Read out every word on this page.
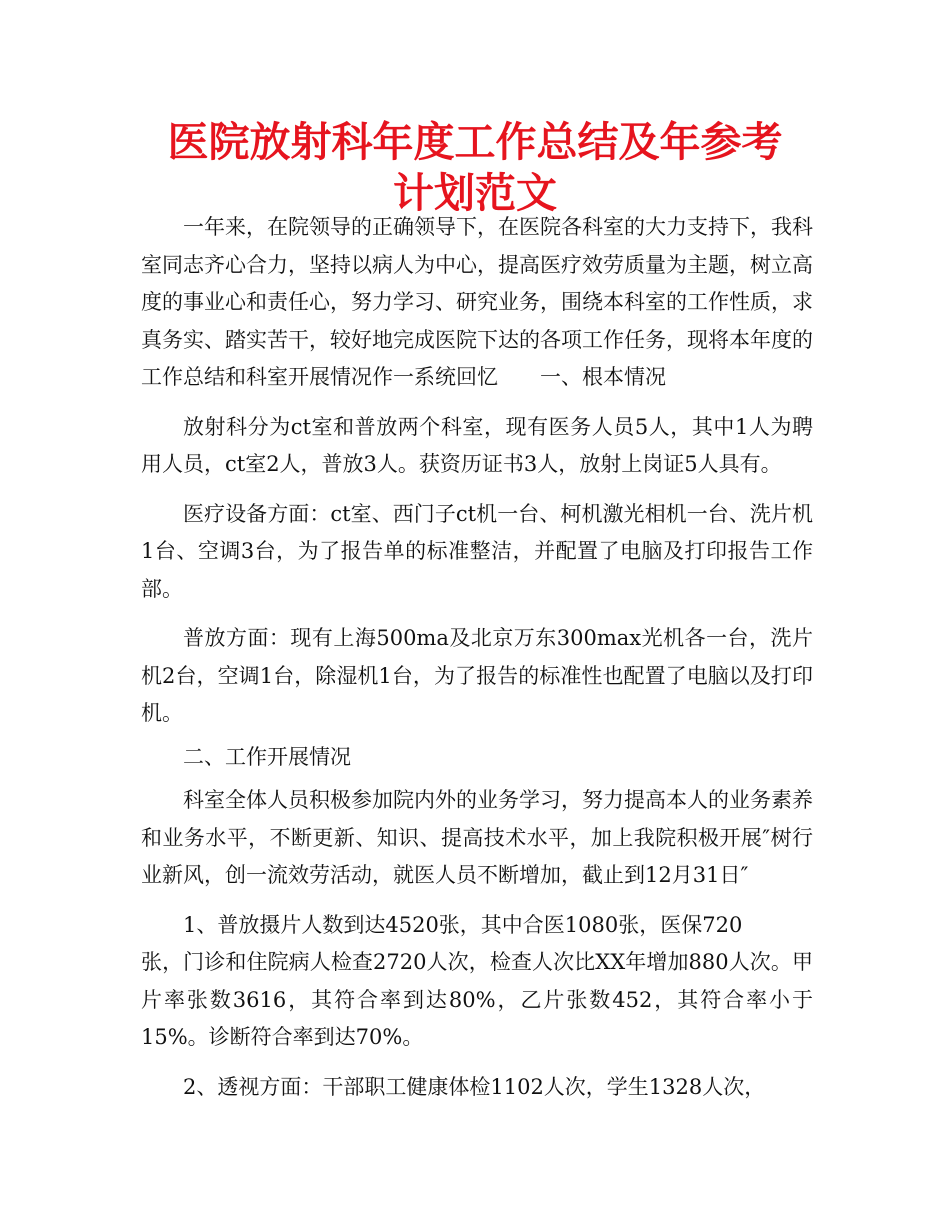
医院放射科年度工作总结及年参考计划范文

一年来，在院领导的正确领导下，在医院各科室的大力支持下，我科室同志齐心合力，坚持以病人为中心，提高医疗效劳质量为主题，树立高度的事业心和责任心，努力学习、研究业务，围绕本科室的工作性质，求真务实、踏实苦干，较好地完成医院下达的各项工作任务，现将本年度的工作总结和科室开展情况作一系统回忆　　一、根本情况

放射科分为ct室和普放两个科室，现有医务人员5人，其中1人为聘用人员，ct室2人，普放3人。获资历证书3人，放射上岗证5人具有。

医疗设备方面：ct室、西门子ct机一台、柯机激光相机一台、洗片机1台、空调3台，为了报告单的标准整洁，并配置了电脑及打印报告工作部。

普放方面：现有上海500ma及北京万东300max光机各一台，洗片机2台，空调1台，除湿机1台，为了报告的标准性也配置了电脑以及打印机。

二、工作开展情况

科室全体人员积极参加院内外的业务学习，努力提高本人的业务素养和业务水平，不断更新、知识、提高技术水平，加上我院积极开展″树行业新风，创一流效劳活动，就医人员不断增加，截止到12月31日″

1、普放摄片人数到达4520张，其中合医1080张，医保720

张，门诊和住院病人检查2720人次，检查人次比XX年增加880人次。甲片率张数3616，其符合率到达80%，乙片张数452，其符合率小于15%。诊断符合率到达70%。

2、透视方面：干部职工健康体检1102人次，学生1328人次，
